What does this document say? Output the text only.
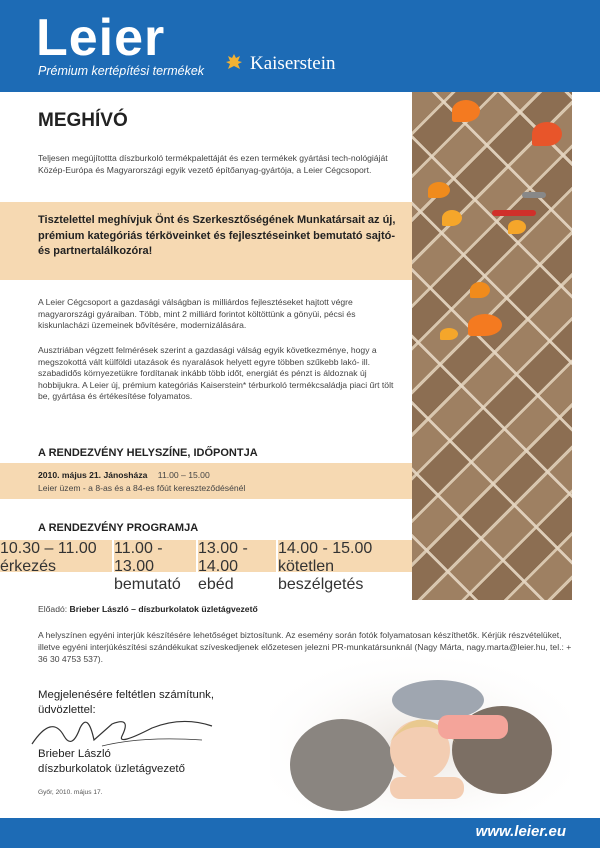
Leier
Prémium kertépítési termékek	Kaiserstein
MEGHÍVÓ
Teljesen megújítottta díszburkoló termékpalettáját és ezen termékek gyártási tech-nológiáját Közép-Európa és Magyarországi egyik vezető építőanyag-gyártója, a Leier Cégcsoport.
Tisztelettel meghívjuk Önt és Szerkesztőségének Munkatársait az új, prémium kategóriás térköveinket és fejlesztéseinket bemutató sajtó- és partnertalálkozóra!
A Leier Cégcsoport a gazdasági válságban is milliárdos fejlesztéseket hajtott végre magyarországi gyáraiban. Több, mint 2 milliárd forintot költöttünk a gönyüi, pécsi és kiskunlacházi üzemeinek bővítésére, modernizálására.
Ausztriában végzett felmérések szerint a gazdasági válság egyik következménye, hogy a megszokottá vált külföldi utazások és nyaralások helyett egyre többen szűkebb lakó- ill. szabadidős környezetükre fordítanak inkább több időt, energiát és pénzt is áldoznak új hobbijukra. A Leier új, prémium kategóriás Kaiserstein* térburkoló termékcsaládja piaci űrt tölt be, gyártása és értékesítése folyamatos.
A RENDEZVÉNY HELYSZÍNE, IDŐPONTJA
2010. május 21. Jánosháza 11.00 – 15.00
Leier üzem - a 8-as és a 84-es főút kereszteződésénél
A RENDEZVÉNY PROGRAMJA
10.30 – 11.00
érkezés
11.00 - 13.00
bemutató
13.00 - 14.00
ebéd
14.00 - 15.00
kötetlen beszélgetés
Előadó: Brieber László – díszburkolatok üzletágvezető
A helyszínen egyéni interjúk készítésére lehetőséget biztosítunk. Az esemény során fotók folyamatosan készíthetők. Kérjük részvételüket, illetve egyéni interjúkészítési szándékukat szíveskedjenek előzetesen jelezni PR-munkatársunknál (Nagy Márta, nagy.marta@leier.hu, tel.: + 36 30 4753 537).
Megjelenésére feltétlen számítunk,
üdvözlettel:
Brieber László
díszburkolatok üzletágvezető
Győr, 2010. május 17.
www.leier.eu
